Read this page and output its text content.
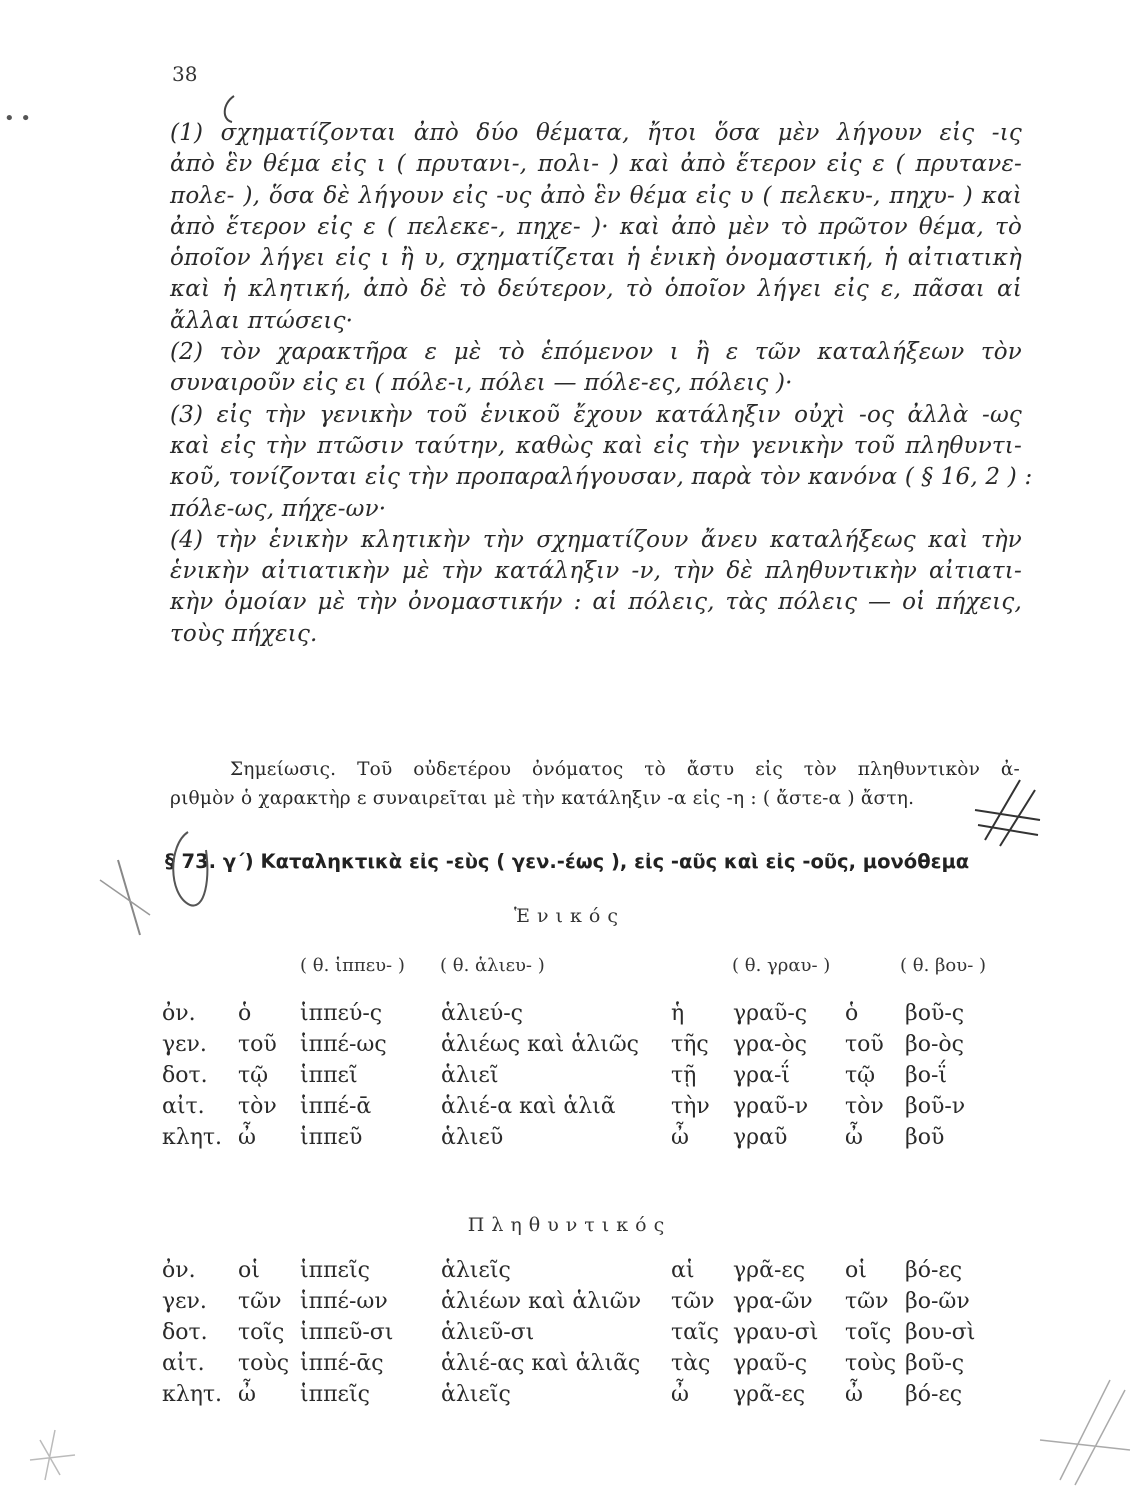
38
• •
(1) σχηματίζονται ἀπὸ δύο θέματα, ἤτοι ὅσα μὲν λήγουν εἰς -ις
ἀπὸ ἓν θέμα εἰς ι ( πρυτανι-, πολι- ) καὶ ἀπὸ ἕτερον εἰς ε ( πρυτανε-
πολε- ), ὅσα δὲ λήγουν εἰς -υς ἀπὸ ἓν θέμα εἰς υ ( πελεκυ-, πηχυ- ) καὶ
ἀπὸ ἕτερον εἰς ε ( πελεκε-, πηχε- )· καὶ ἀπὸ μὲν τὸ πρῶτον θέμα, τὸ
ὁποῖον λήγει εἰς ι ἢ υ, σχηματίζεται ἡ ἑνικὴ ὀνομαστική, ἡ αἰτιατικὴ
καὶ ἡ κλητική, ἀπὸ δὲ τὸ δεύτερον, τὸ ὁποῖον λήγει εἰς ε, πᾶσαι αἱ
ἄλλαι πτώσεις·
(2) τὸν χαρακτῆρα ε μὲ τὸ ἑπόμενον ι ἢ ε τῶν καταλήξεων τὸν
συναιροῦν εἰς ει ( πόλε-ι, πόλει — πόλε-ες, πόλεις )·
(3) εἰς τὴν γενικὴν τοῦ ἑνικοῦ ἔχουν κατάληξιν οὐχὶ -ος ἀλλὰ -ως
καὶ εἰς τὴν πτῶσιν ταύτην, καθὼς καὶ εἰς τὴν γενικὴν τοῦ πληθυντι-
κοῦ, τονίζονται εἰς τὴν προπαραλήγουσαν, παρὰ τὸν κανόνα ( § 16, 2 ) :
πόλε-ως, πήχε-ων·
(4) τὴν ἑνικὴν κλητικὴν τὴν σχηματίζουν ἄνευ καταλήξεως καὶ τὴν
ἑνικὴν αἰτιατικὴν μὲ τὴν κατάληξιν -ν, τὴν δὲ πληθυντικὴν αἰτιατι-
κὴν ὁμοίαν μὲ τὴν ὀνομαστικήν : αἱ πόλεις, τὰς πόλεις — οἱ πήχεις,
τοὺς πήχεις.
Σημείωσις. Τοῦ οὐδετέρου ὀνόματος τὸ ἄστυ εἰς τὸν πληθυντικὸν ἀ-
ριθμὸν ὁ χαρακτὴρ ε συναιρεῖται μὲ τὴν κατάληξιν -α εἰς -η : ( ἄστε-α ) ἄστη.
§ 73. γ΄) Καταληκτικὰ εἰς -εὺς ( γεν.-έως ), εἰς -αῦς καὶ εἰς -οῦς, μονόθεμα
Ἑνικός
( θ. ἱππευ- ) ( θ. ἁλιευ- )	( θ. γραυ- )	( θ. βου- )
ὀν.	ὁ	ἱππεύ-ς	ἁλιεύ-ς	ἡ	γραῦ-ς	ὁ	βοῦ-ς
γεν.	τοῦ	ἱππέ-ως	ἁλιέως καὶ ἁλιῶς	τῆς	γρα-ὸς	τοῦ	βο-ὸς
δοτ.	τῷ	ἱππεῖ	ἁλιεῖ	τῇ	γρα-ΐ	τῷ	βο-ΐ
αἰτ.	τὸν	ἱππέ-ᾱ	ἁλιέ-α καὶ ἁλιᾶ	τὴν	γραῦ-ν	τὸν	βοῦ-ν
κλητ.	ὦ	ἱππεῦ	ἁλιεῦ	ὦ	γραῦ	ὦ	βοῦ
Πληθυντικός
ὀν.	οἱ	ἱππεῖς	ἁλιεῖς	αἱ	γρᾶ-ες	οἱ	βό-ες
γεν.	τῶν	ἱππέ-ων	ἁλιέων καὶ ἁλιῶν	τῶν	γρα-ῶν	τῶν	βο-ῶν
δοτ.	τοῖς	ἱππεῦ-σι	ἁλιεῦ-σι	ταῖς	γραυ-σὶ	τοῖς	βου-σὶ
αἰτ.	τοὺς	ἱππέ-ᾱς	ἁλιέ-ας καὶ ἁλιᾶς	τὰς	γραῦ-ς	τοὺς	βοῦ-ς
κλητ.	ὦ	ἱππεῖς	ἁλιεῖς	ὦ	γρᾶ-ες	ὦ	βό-ες
